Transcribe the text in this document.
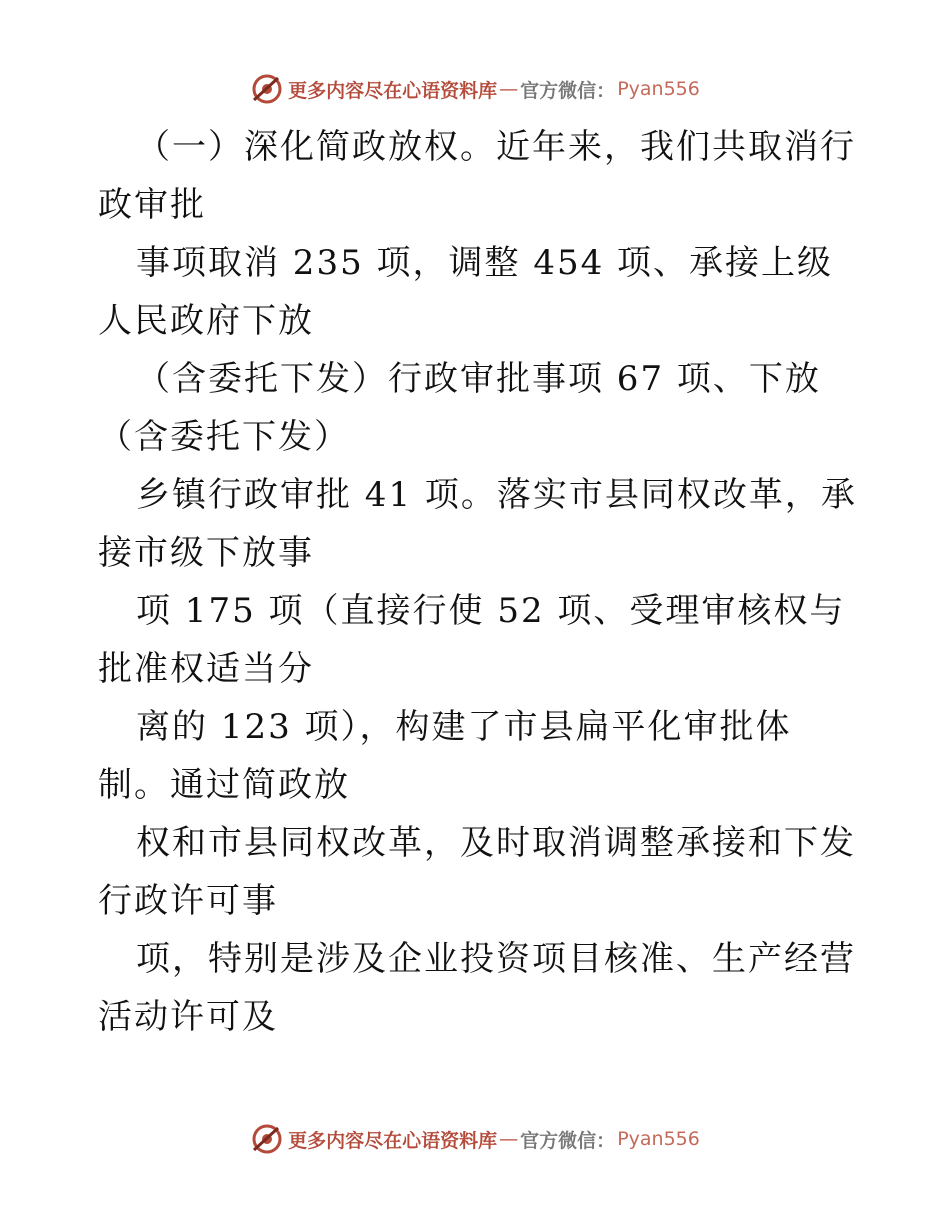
更多内容尽在心语资料库 — 官方微信： Pyan556

（一）深化简政放权。近年来，我们共取消行政审批

事项取消 235 项，调整 454 项、承接上级人民政府下放

（含委托下发）行政审批事项 67 项、下放（含委托下发）

乡镇行政审批 41 项。落实市县同权改革，承接市级下放事

项 175 项（直接行使 52 项、受理审核权与批准权适当分

离的 123 项），构建了市县扁平化审批体制。通过简政放

权和市县同权改革，及时取消调整承接和下发行政许可事

项，特别是涉及企业投资项目核准、生产经营活动许可及

更多内容尽在心语资料库 — 官方微信： Pyan556
